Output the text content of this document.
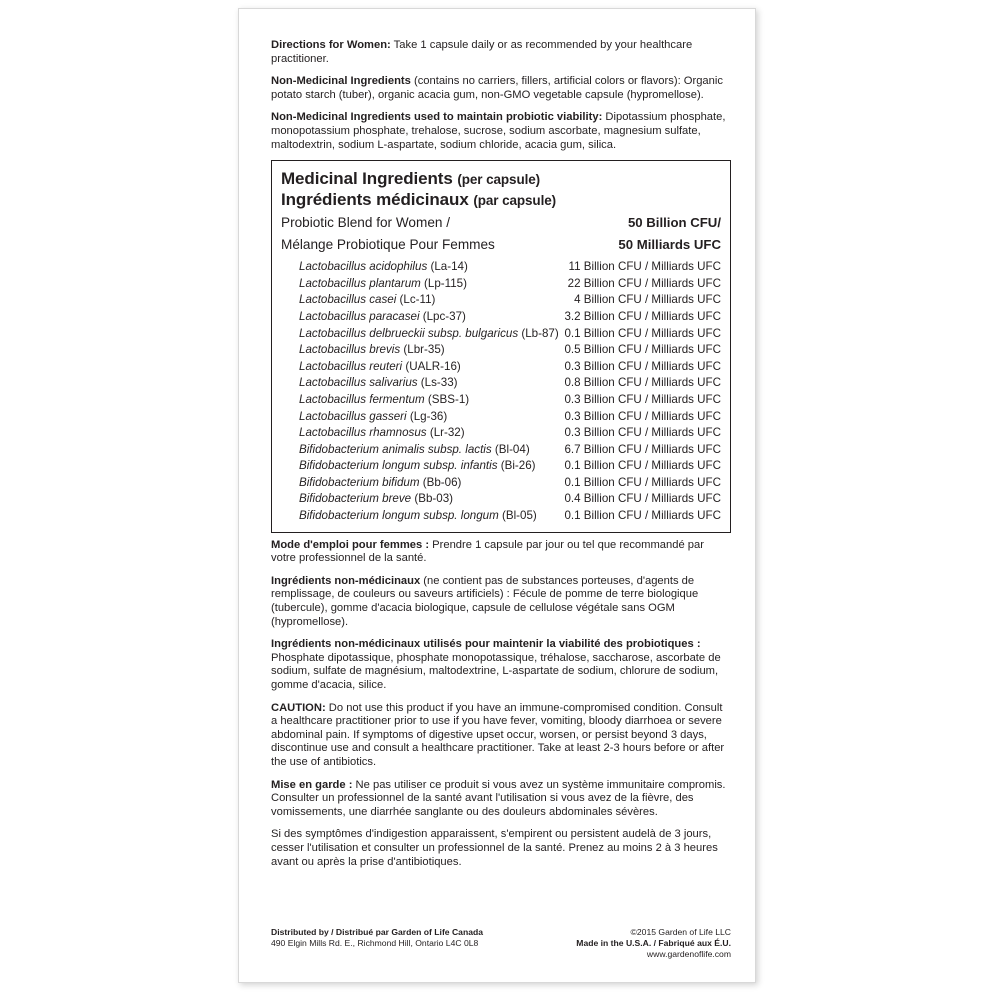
Directions for Women: Take 1 capsule daily or as recommended by your healthcare practitioner.

Non-Medicinal Ingredients (contains no carriers, fillers, artificial colors or flavors): Organic potato starch (tuber), organic acacia gum, non-GMO vegetable capsule (hypromellose).

Non-Medicinal Ingredients used to maintain probiotic viability: Dipotassium phosphate, monopotassium phosphate, trehalose, sucrose, sodium ascorbate, magnesium sulfate, maltodextrin, sodium L-aspartate, sodium chloride, acacia gum, silica.

Medicinal Ingredients (per capsule)
Ingrédients médicinaux (par capsule)
Probiotic Blend for Women /	50 Billion CFU/
Mélange Probiotique Pour Femmes	50 Milliards UFC
Lactobacillus acidophilus (La-14)	11 Billion CFU / Milliards UFC
Lactobacillus plantarum (Lp-115)	22 Billion CFU / Milliards UFC
Lactobacillus casei (Lc-11)	4 Billion CFU / Milliards UFC
Lactobacillus paracasei (Lpc-37)	3.2 Billion CFU / Milliards UFC
Lactobacillus delbrueckii subsp. bulgaricus (Lb-87)	0.1 Billion CFU / Milliards UFC
Lactobacillus brevis (Lbr-35)	0.5 Billion CFU / Milliards UFC
Lactobacillus reuteri (UALR-16)	0.3 Billion CFU / Milliards UFC
Lactobacillus salivarius (Ls-33)	0.8 Billion CFU / Milliards UFC
Lactobacillus fermentum (SBS-1)	0.3 Billion CFU / Milliards UFC
Lactobacillus gasseri (Lg-36)	0.3 Billion CFU / Milliards UFC
Lactobacillus rhamnosus (Lr-32)	0.3 Billion CFU / Milliards UFC
Bifidobacterium animalis subsp. lactis (Bl-04)	6.7 Billion CFU / Milliards UFC
Bifidobacterium longum subsp. infantis (Bi-26)	0.1 Billion CFU / Milliards UFC
Bifidobacterium bifidum (Bb-06)	0.1 Billion CFU / Milliards UFC
Bifidobacterium breve (Bb-03)	0.4 Billion CFU / Milliards UFC
Bifidobacterium longum subsp. longum (Bl-05)	0.1 Billion CFU / Milliards UFC

Mode d'emploi pour femmes : Prendre 1 capsule par jour ou tel que recommandé par votre professionnel de la santé.

Ingrédients non-médicinaux (ne contient pas de substances porteuses, d'agents de remplissage, de couleurs ou saveurs artificiels) : Fécule de pomme de terre biologique (tubercule), gomme d'acacia biologique, capsule de cellulose végétale sans OGM (hypromellose).

Ingrédients non-médicinaux utilisés pour maintenir la viabilité des probiotiques : Phosphate dipotassique, phosphate monopotassique, tréhalose, saccharose, ascorbate de sodium, sulfate de magnésium, maltodextrine, L-aspartate de sodium, chlorure de sodium, gomme d'acacia, silice.

CAUTION: Do not use this product if you have an immune-compromised condition. Consult a healthcare practitioner prior to use if you have fever, vomiting, bloody diarrhoea or severe abdominal pain. If symptoms of digestive upset occur, worsen, or persist beyond 3 days, discontinue use and consult a healthcare practitioner. Take at least 2-3 hours before or after the use of antibiotics.

Mise en garde : Ne pas utiliser ce produit si vous avez un système immunitaire compromis. Consulter un professionnel de la santé avant l'utilisation si vous avez de la fièvre, des vomissements, une diarrhée sanglante ou des douleurs abdominales sévères.

Si des symptômes d'indigestion apparaissent, s'empirent ou persistent audelà de 3 jours, cesser l'utilisation et consulter un professionnel de la santé. Prenez au moins 2 à 3 heures avant ou après la prise d'antibiotiques.

Distributed by / Distribué par Garden of Life Canada
490 Elgin Mills Rd. E., Richmond Hill, Ontario L4C 0L8
©2015 Garden of Life LLC
Made in the U.S.A. / Fabriqué aux É.U.
www.gardenoflife.com
